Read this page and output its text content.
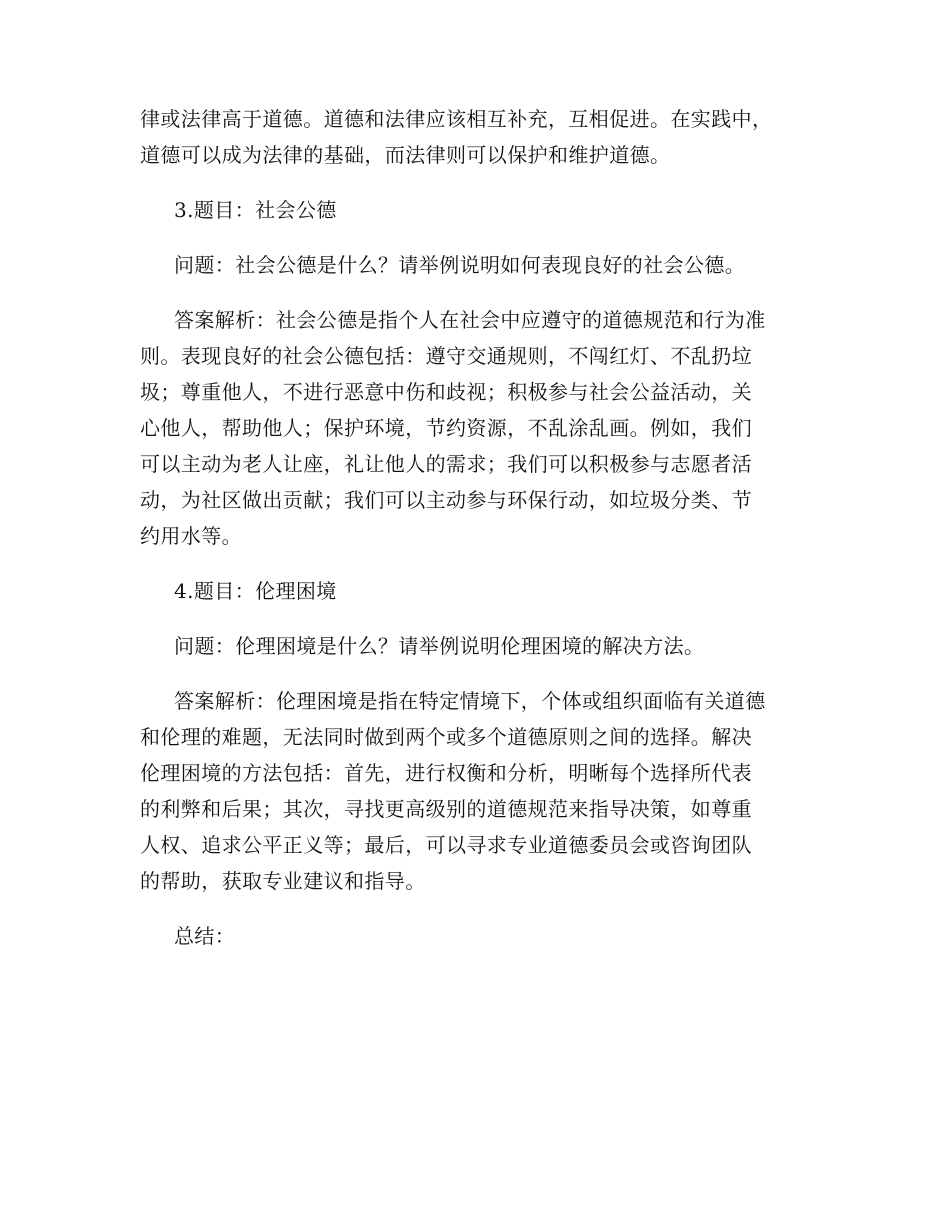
律或法律高于道德。道德和法律应该相互补充，互相促进。在实践中，
道德可以成为法律的基础，而法律则可以保护和维护道德。
3.题目：社会公德
问题：社会公德是什么？请举例说明如何表现良好的社会公德。
答案解析：社会公德是指个人在社会中应遵守的道德规范和行为准
则。表现良好的社会公德包括：遵守交通规则，不闯红灯、不乱扔垃
圾；尊重他人，不进行恶意中伤和歧视；积极参与社会公益活动，关
心他人，帮助他人；保护环境，节约资源，不乱涂乱画。例如，我们
可以主动为老人让座，礼让他人的需求；我们可以积极参与志愿者活
动，为社区做出贡献；我们可以主动参与环保行动，如垃圾分类、节
约用水等。
4.题目：伦理困境
问题：伦理困境是什么？请举例说明伦理困境的解决方法。
答案解析：伦理困境是指在特定情境下，个体或组织面临有关道德
和伦理的难题，无法同时做到两个或多个道德原则之间的选择。解决
伦理困境的方法包括：首先，进行权衡和分析，明晰每个选择所代表
的利弊和后果；其次，寻找更高级别的道德规范来指导决策，如尊重
人权、追求公平正义等；最后，可以寻求专业道德委员会或咨询团队
的帮助，获取专业建议和指导。
总结：
